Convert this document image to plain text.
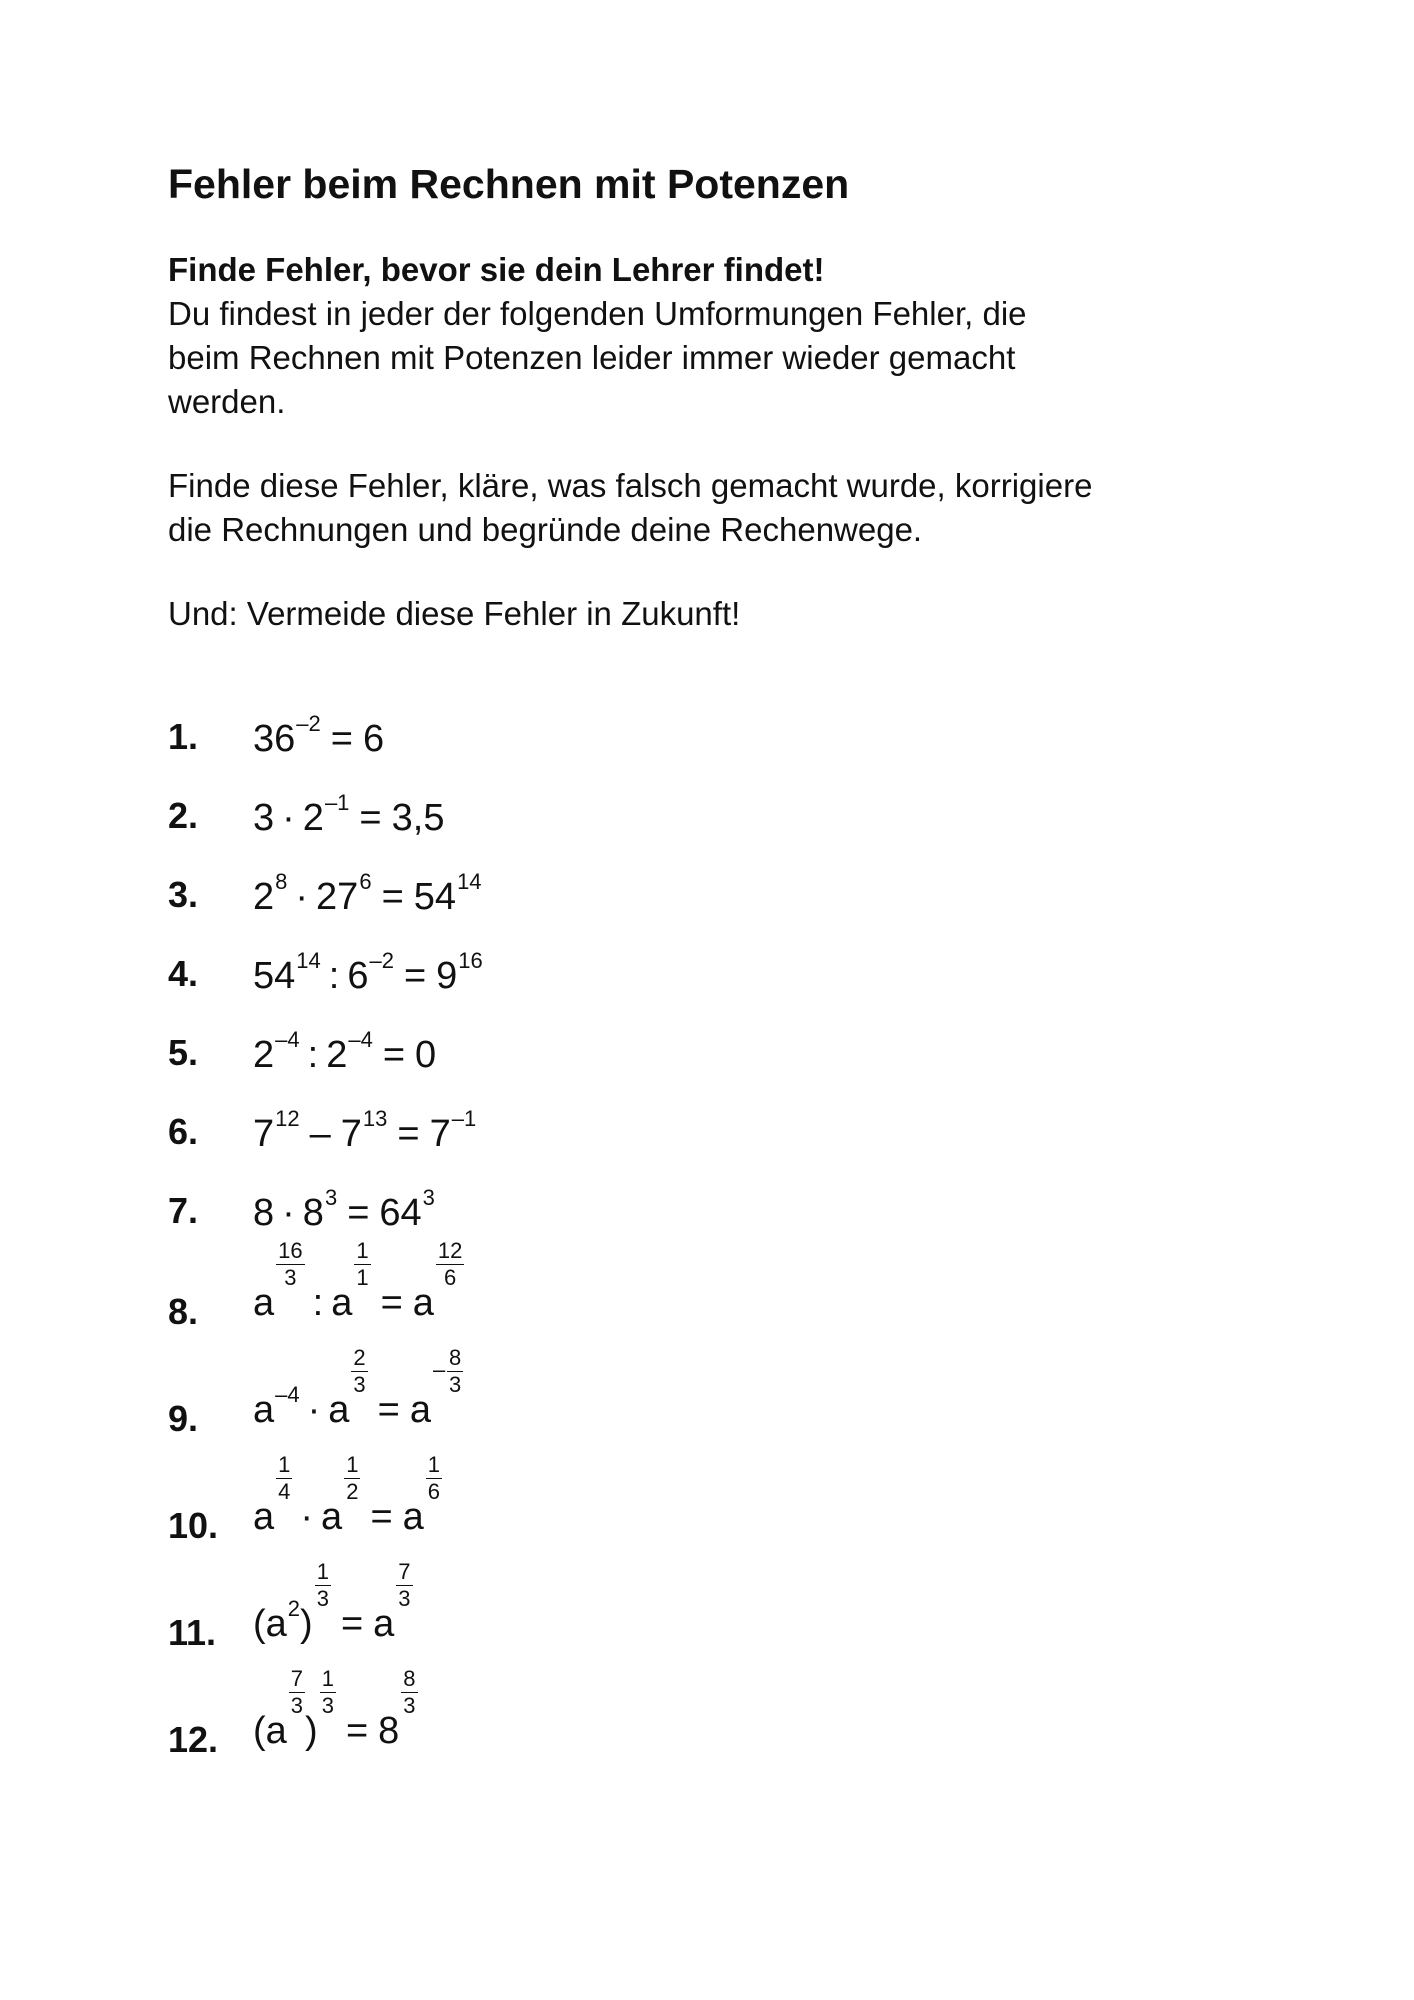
Fehler beim Rechnen mit Potenzen

Finde Fehler, bevor sie dein Lehrer findet!

Du findest in jeder der folgenden Umformungen Fehler, die
beim Rechnen mit Potenzen leider immer wieder gemacht
werden.

Finde diese Fehler, kläre, was falsch gemacht wurde, korrigiere
die Rechnungen und begründe deine Rechenwege.

Und: Vermeide diese Fehler in Zukunft!

1. $36^{-2} = 6$
2. $3 \cdot 2^{-1} = 3,5$
3. $2^8 \cdot 27^6 = 54^{14}$
4. $54^{14}$ : $6^{-2} = 9^{16}$
5. $2^{-4}$ : $2^{-4} = 0$
6. $7^{12} - 7^{13} = 7^{-1}$
7. $8 \cdot 8^3 = 64^3$
8. a
$\frac{16}{3}$
: a
$\frac{1}{1}$
= a
$\frac{12}{6}$
9. $a^{-4} \cdot a$
$\frac{2}{3}$
= a
– 8
3
10. a
$\frac{1}{4}$
· a
$\frac{1}{2}$
= a
$\frac{1}{6}$
11. $(a^2)$
$\frac{1}{3}$
= a
$\frac{7}{3}$
12. (a
$\frac{7}{3}$
)
$\frac{1}{3}$
= 8
$\frac{8}{3}$
